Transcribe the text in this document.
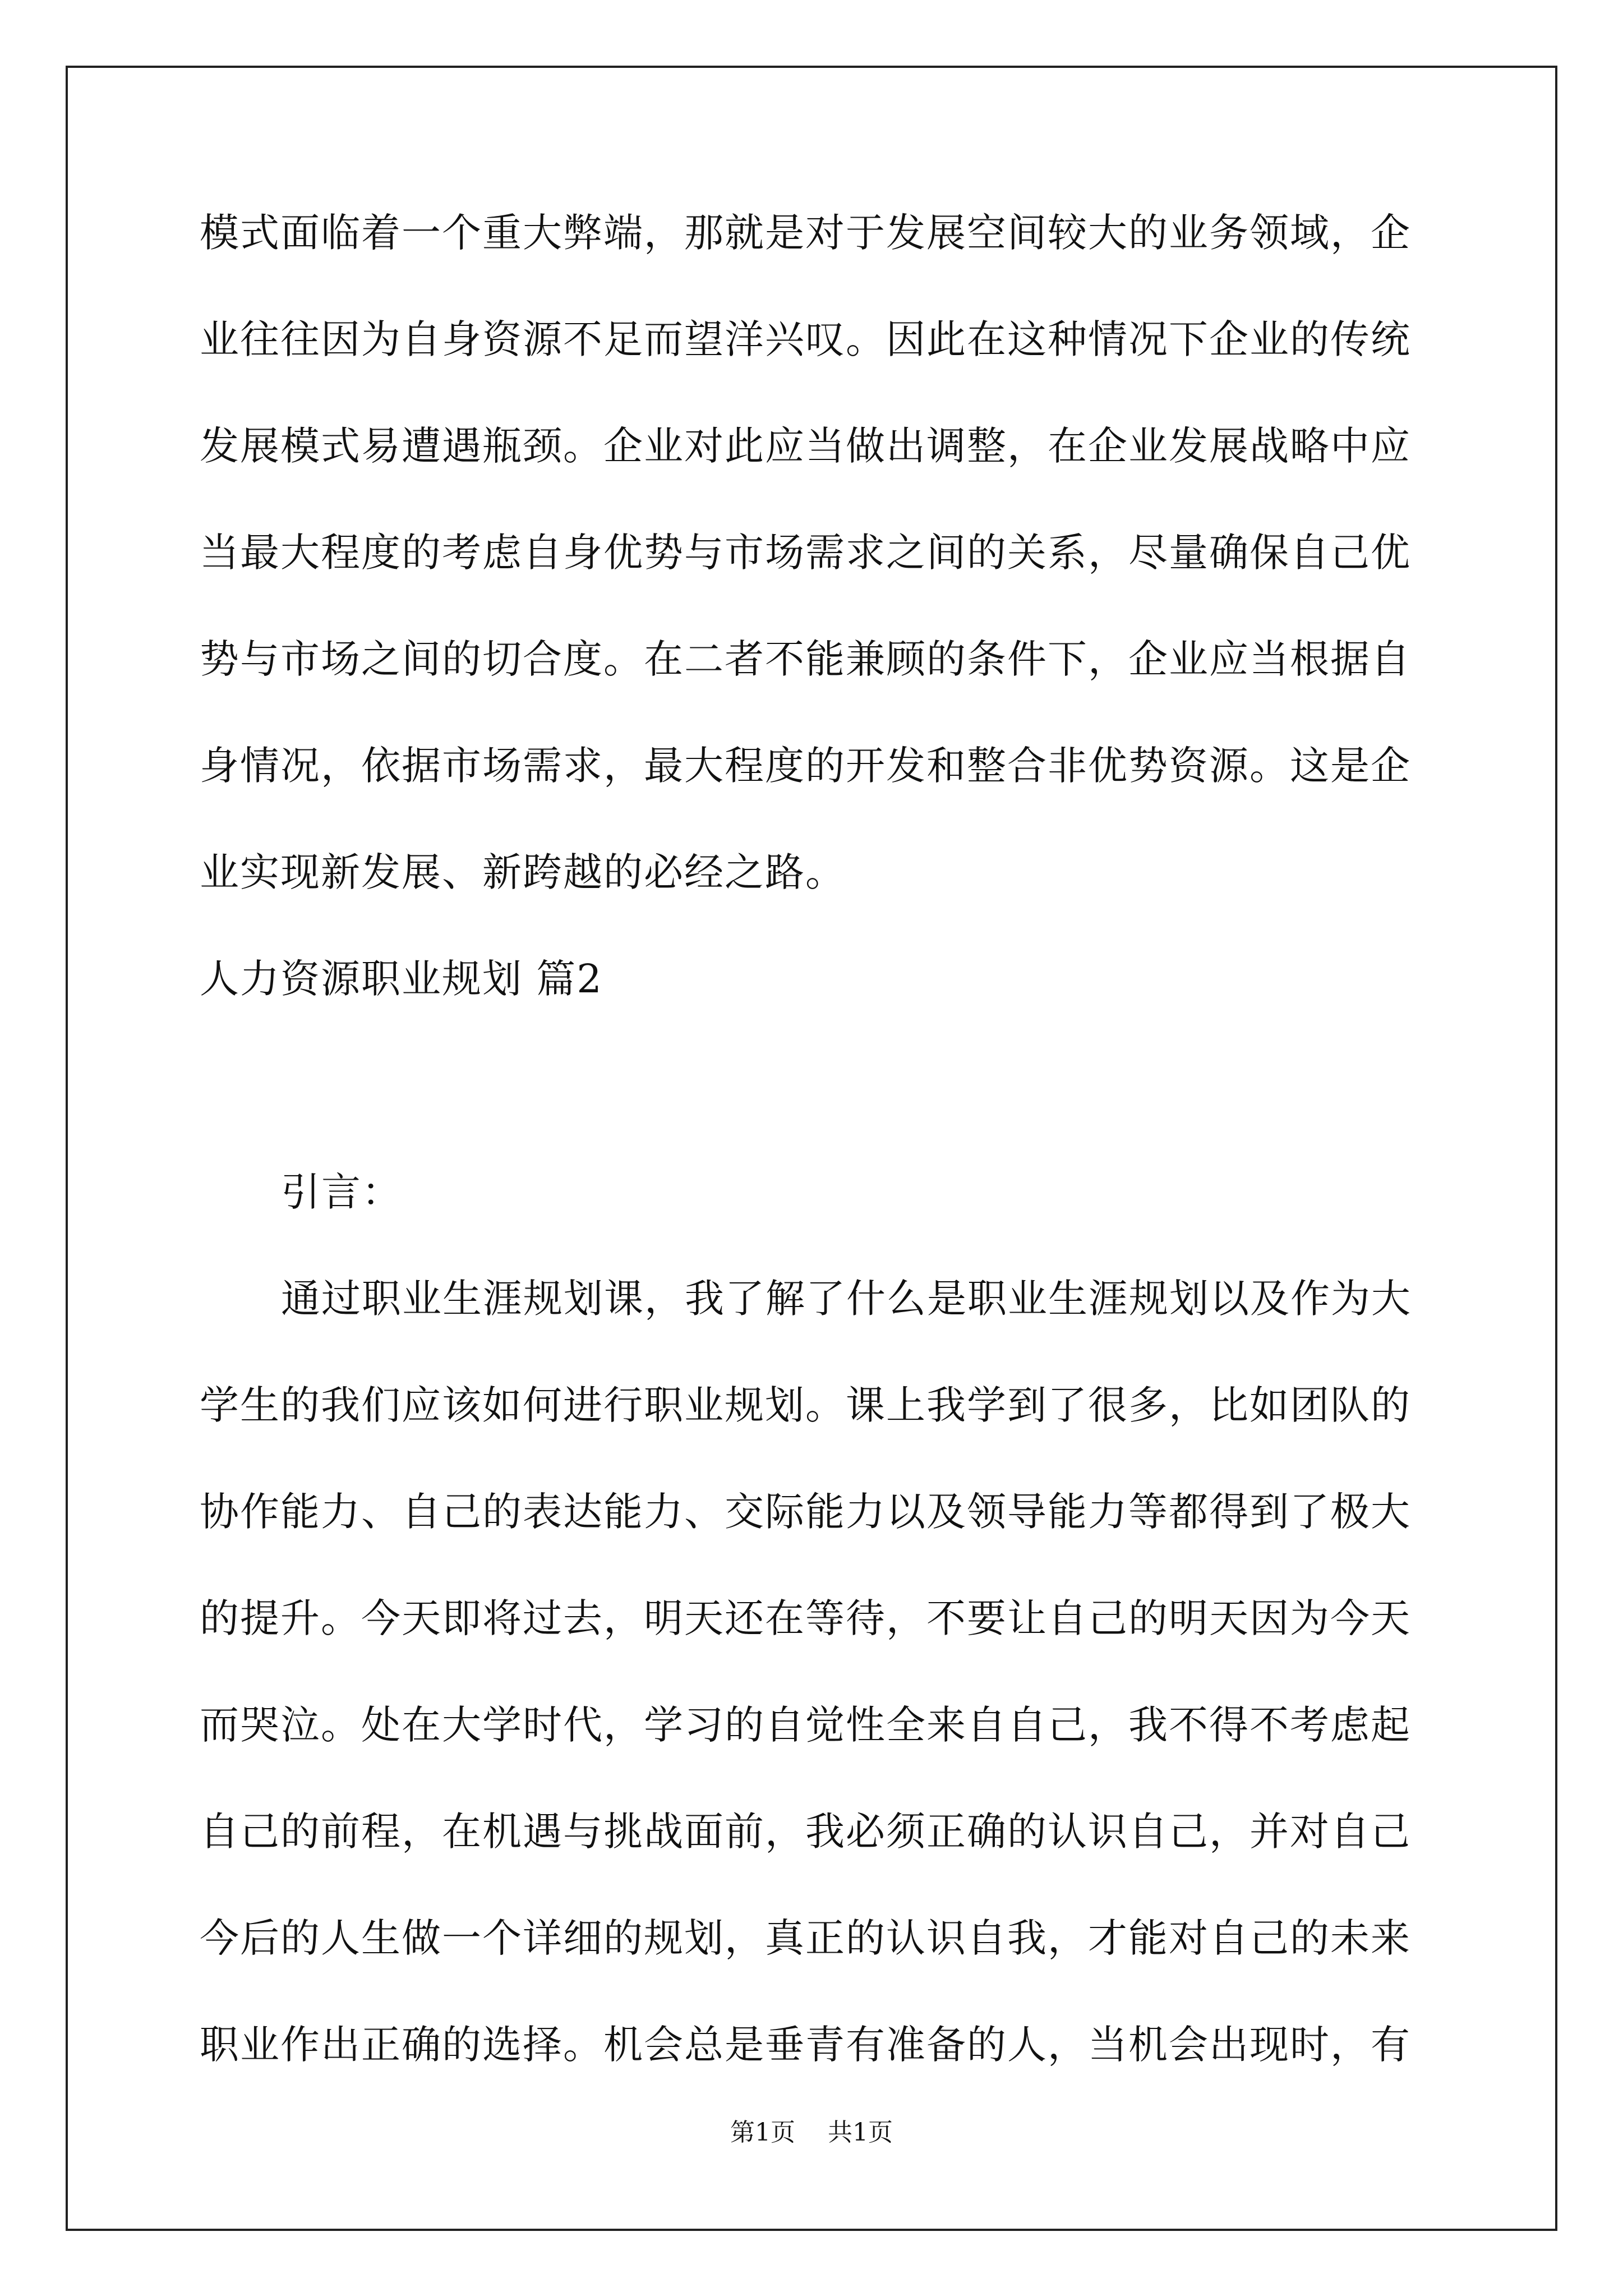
模式面临着一个重大弊端，那就是对于发展空间较大的业务领域，企
业往往因为自身资源不足而望洋兴叹。因此在这种情况下企业的传统
发展模式易遭遇瓶颈。企业对此应当做出调整，在企业发展战略中应
当最大程度的考虑自身优势与市场需求之间的关系，尽量确保自己优
势与市场之间的切合度。在二者不能兼顾的条件下，企业应当根据自
身情况，依据市场需求，最大程度的开发和整合非优势资源。这是企
业实现新发展、新跨越的必经之路。
人力资源职业规划 篇2
引言：
通过职业生涯规划课，我了解了什么是职业生涯规划以及作为大
学生的我们应该如何进行职业规划。课上我学到了很多，比如团队的
协作能力、自己的表达能力、交际能力以及领导能力等都得到了极大
的提升。今天即将过去，明天还在等待，不要让自己的明天因为今天
而哭泣。处在大学时代，学习的自觉性全来自自己，我不得不考虑起
自己的前程，在机遇与挑战面前，我必须正确的认识自己，并对自己
今后的人生做一个详细的规划，真正的认识自我，才能对自己的未来
职业作出正确的选择。机会总是垂青有准备的人，当机会出现时，有
第1页 共1页
